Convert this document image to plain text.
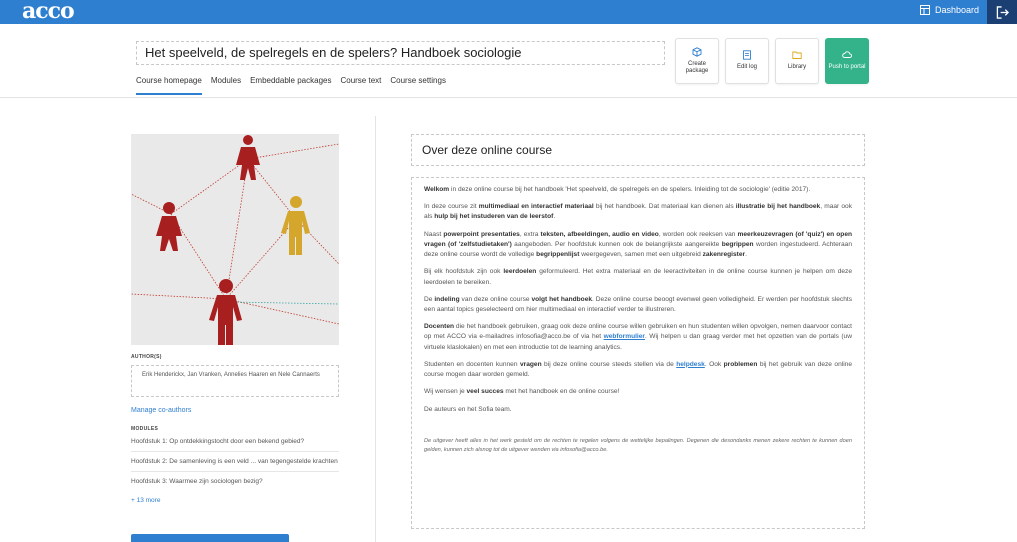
acco	Dashboard
Het speelveld, de spelregels en de spelers? Handboek sociologie
Course homepage Modules Embeddable packages Course text Course settings
Create package
Edit log	Library	Push to portal
AUTHOR(S)
Erik Henderickx, Jan Vranken, Annelies Haaren en Nele Cannaerts
Manage co-authors
MODULES
Hoofdstuk 1: Op ontdekkingstocht door een bekend gebied?
Hoofdstuk 2: De samenleving is een veld ... van tegengestelde krachten
Hoofdstuk 3: Waarmee zijn sociologen bezig?
+ 13 more
Over deze online course

Welkom in deze online course bij het handboek 'Het speelveld, de spelregels en de spelers. Inleiding tot de sociologie' (editie 2017).

In deze course zit multimediaal en interactief materiaal bij het handboek. Dat materiaal kan dienen als illustratie bij het handboek, maar ook als hulp bij het instuderen van de leerstof.

Naast powerpoint presentaties, extra teksten, afbeeldingen, audio en video, worden ook reeksen van meerkeuzevragen (of 'quiz') en open vragen (of 'zelfstudietaken') aangeboden. Per hoofdstuk kunnen ook de belangrijkste aangereikte begrippen worden ingestudeerd. Achteraan deze online course wordt de volledige begrippenlijst weergegeven, samen met een uitgebreid zakenregister.

Bij elk hoofdstuk zijn ook leerdoelen geformuleerd. Het extra materiaal en de leeractiviteiten in de online course kunnen je helpen om deze leerdoelen te bereiken.

De indeling van deze online course volgt het handboek. Deze online course beoogt evenwel geen volledigheid. Er werden per hoofdstuk slechts een aantal topics geselecteerd om hier multimediaal en interactief verder te illustreren.

Docenten die het handboek gebruiken, graag ook deze online course willen gebruiken en hun studenten willen opvolgen, nemen daarvoor contact op met ACCO via e-mailadres infosofia@acco.be of via het webformulier. Wij helpen u dan graag verder met het opzetten van de portals (uw virtuele klaslokalen) en met een introductie tot de learning analytics.

Studenten en docenten kunnen vragen bij deze online course steeds stellen via de helpdesk. Ook problemen bij het gebruik van deze online course mogen daar worden gemeld.

Wij wensen je veel succes met het handboek en de online course!

De auteurs en het Sofia team.

De uitgever heeft alles in het werk gesteld om de rechten te regelen volgens de wettelijke bepalingen. Degenen die desondanks menen zekere rechten te kunnen doen gelden, kunnen zich alsnog tot de uitgever wenden via infosofia@acco.be.
